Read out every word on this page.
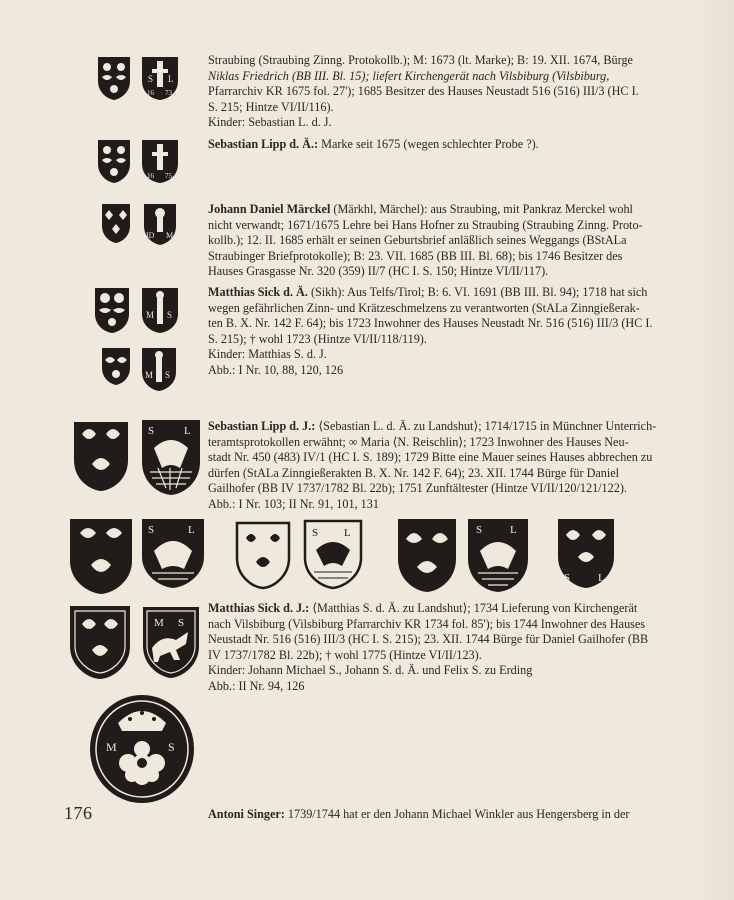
S L
16 73
16 75
ID M
M S
M S
S	L
S	L	S L	S	L
S	L
M S
M	S
Straubing (Straubing Zinng. Protokollb.); M: 1673 (lt. Marke); B: 19. XII. 1674, Bürge
Niklas Friedrich (BB III. Bl. 15); liefert Kirchengerät nach Vilsbiburg (Vilsbiburg,
Pfarrarchiv KR 1675 fol. 27'); 1685 Besitzer des Hauses Neustadt 516 (516) III/3 (HC I.
S. 215; Hintze VI/II/116).
Kinder: Sebastian L. d. J.
Sebastian Lipp d. Ä.: Marke seit 1675 (wegen schlechter Probe ?).
Johann Daniel Märckel (Märkhl, Märchel): aus Straubing, mit Pankraz Merckel wohl
nicht verwandt; 1671/1675 Lehre bei Hans Hofner zu Straubing (Straubing Zinng. Proto-
kollb.); 12. II. 1685 erhält er seinen Geburtsbrief anläßlich seines Weggangs (BStALa
Straubinger Briefprotokolle); B: 23. VII. 1685 (BB III. Bl. 68); bis 1746 Besitzer des
Hauses Grasgasse Nr. 320 (359) II/7 (HC I. S. 150; Hintze VI/II/117).
Matthias Sick d. Ä. (Sikh): Aus Telfs/Tirol; B: 6. VI. 1691 (BB III. Bl. 94); 1718 hat sich
wegen gefährlichen Zinn- und Krätzeschmelzens zu verantworten (StALa Zinngießerak-
ten B. X. Nr. 142 F. 64); bis 1723 Inwohner des Hauses Neustadt Nr. 516 (516) III/3 (HC I.
S. 215); † wohl 1723 (Hintze VI/II/118/119).
Kinder: Matthias S. d. J.
Abb.: I Nr. 10, 88, 120, 126
Sebastian Lipp d. J.: ⟨Sebastian L. d. Ä. zu Landshut⟩; 1714/1715 in Münchner Unterrich-
teramtsprotokollen erwähnt; ∞ Maria ⟨N. Reischlin⟩; 1723 Inwohner des Hauses Neu-
stadt Nr. 450 (483) IV/1 (HC I. S. 189); 1729 Bitte eine Mauer seines Hauses abbrechen zu
dürfen (StALa Zinngießerakten B. X. Nr. 142 F. 64); 23. XII. 1744 Bürge für Daniel
Gailhofer (BB IV 1737/1782 Bl. 22b); 1751 Zunftältester (Hintze VI/II/120/121/122).
Abb.: I Nr. 103; II Nr. 91, 101, 131
Matthias Sick d. J.: ⟨Matthias S. d. Ä. zu Landshut⟩; 1734 Lieferung von Kirchengerät
nach Vilsbiburg (Vilsbiburg Pfarrarchiv KR 1734 fol. 85'); bis 1744 Inwohner des Hauses
Neustadt Nr. 516 (516) III/3 (HC I. S. 215); 23. XII. 1744 Bürge für Daniel Gailhofer (BB
IV 1737/1782 Bl. 22b); † wohl 1775 (Hintze VI/II/123).
Kinder: Johann Michael S., Johann S. d. Ä. und Felix S. zu Erding
Abb.: II Nr. 94, 126
Antoni Singer: 1739/1744 hat er den Johann Michael Winkler aus Hengersberg in der
176
